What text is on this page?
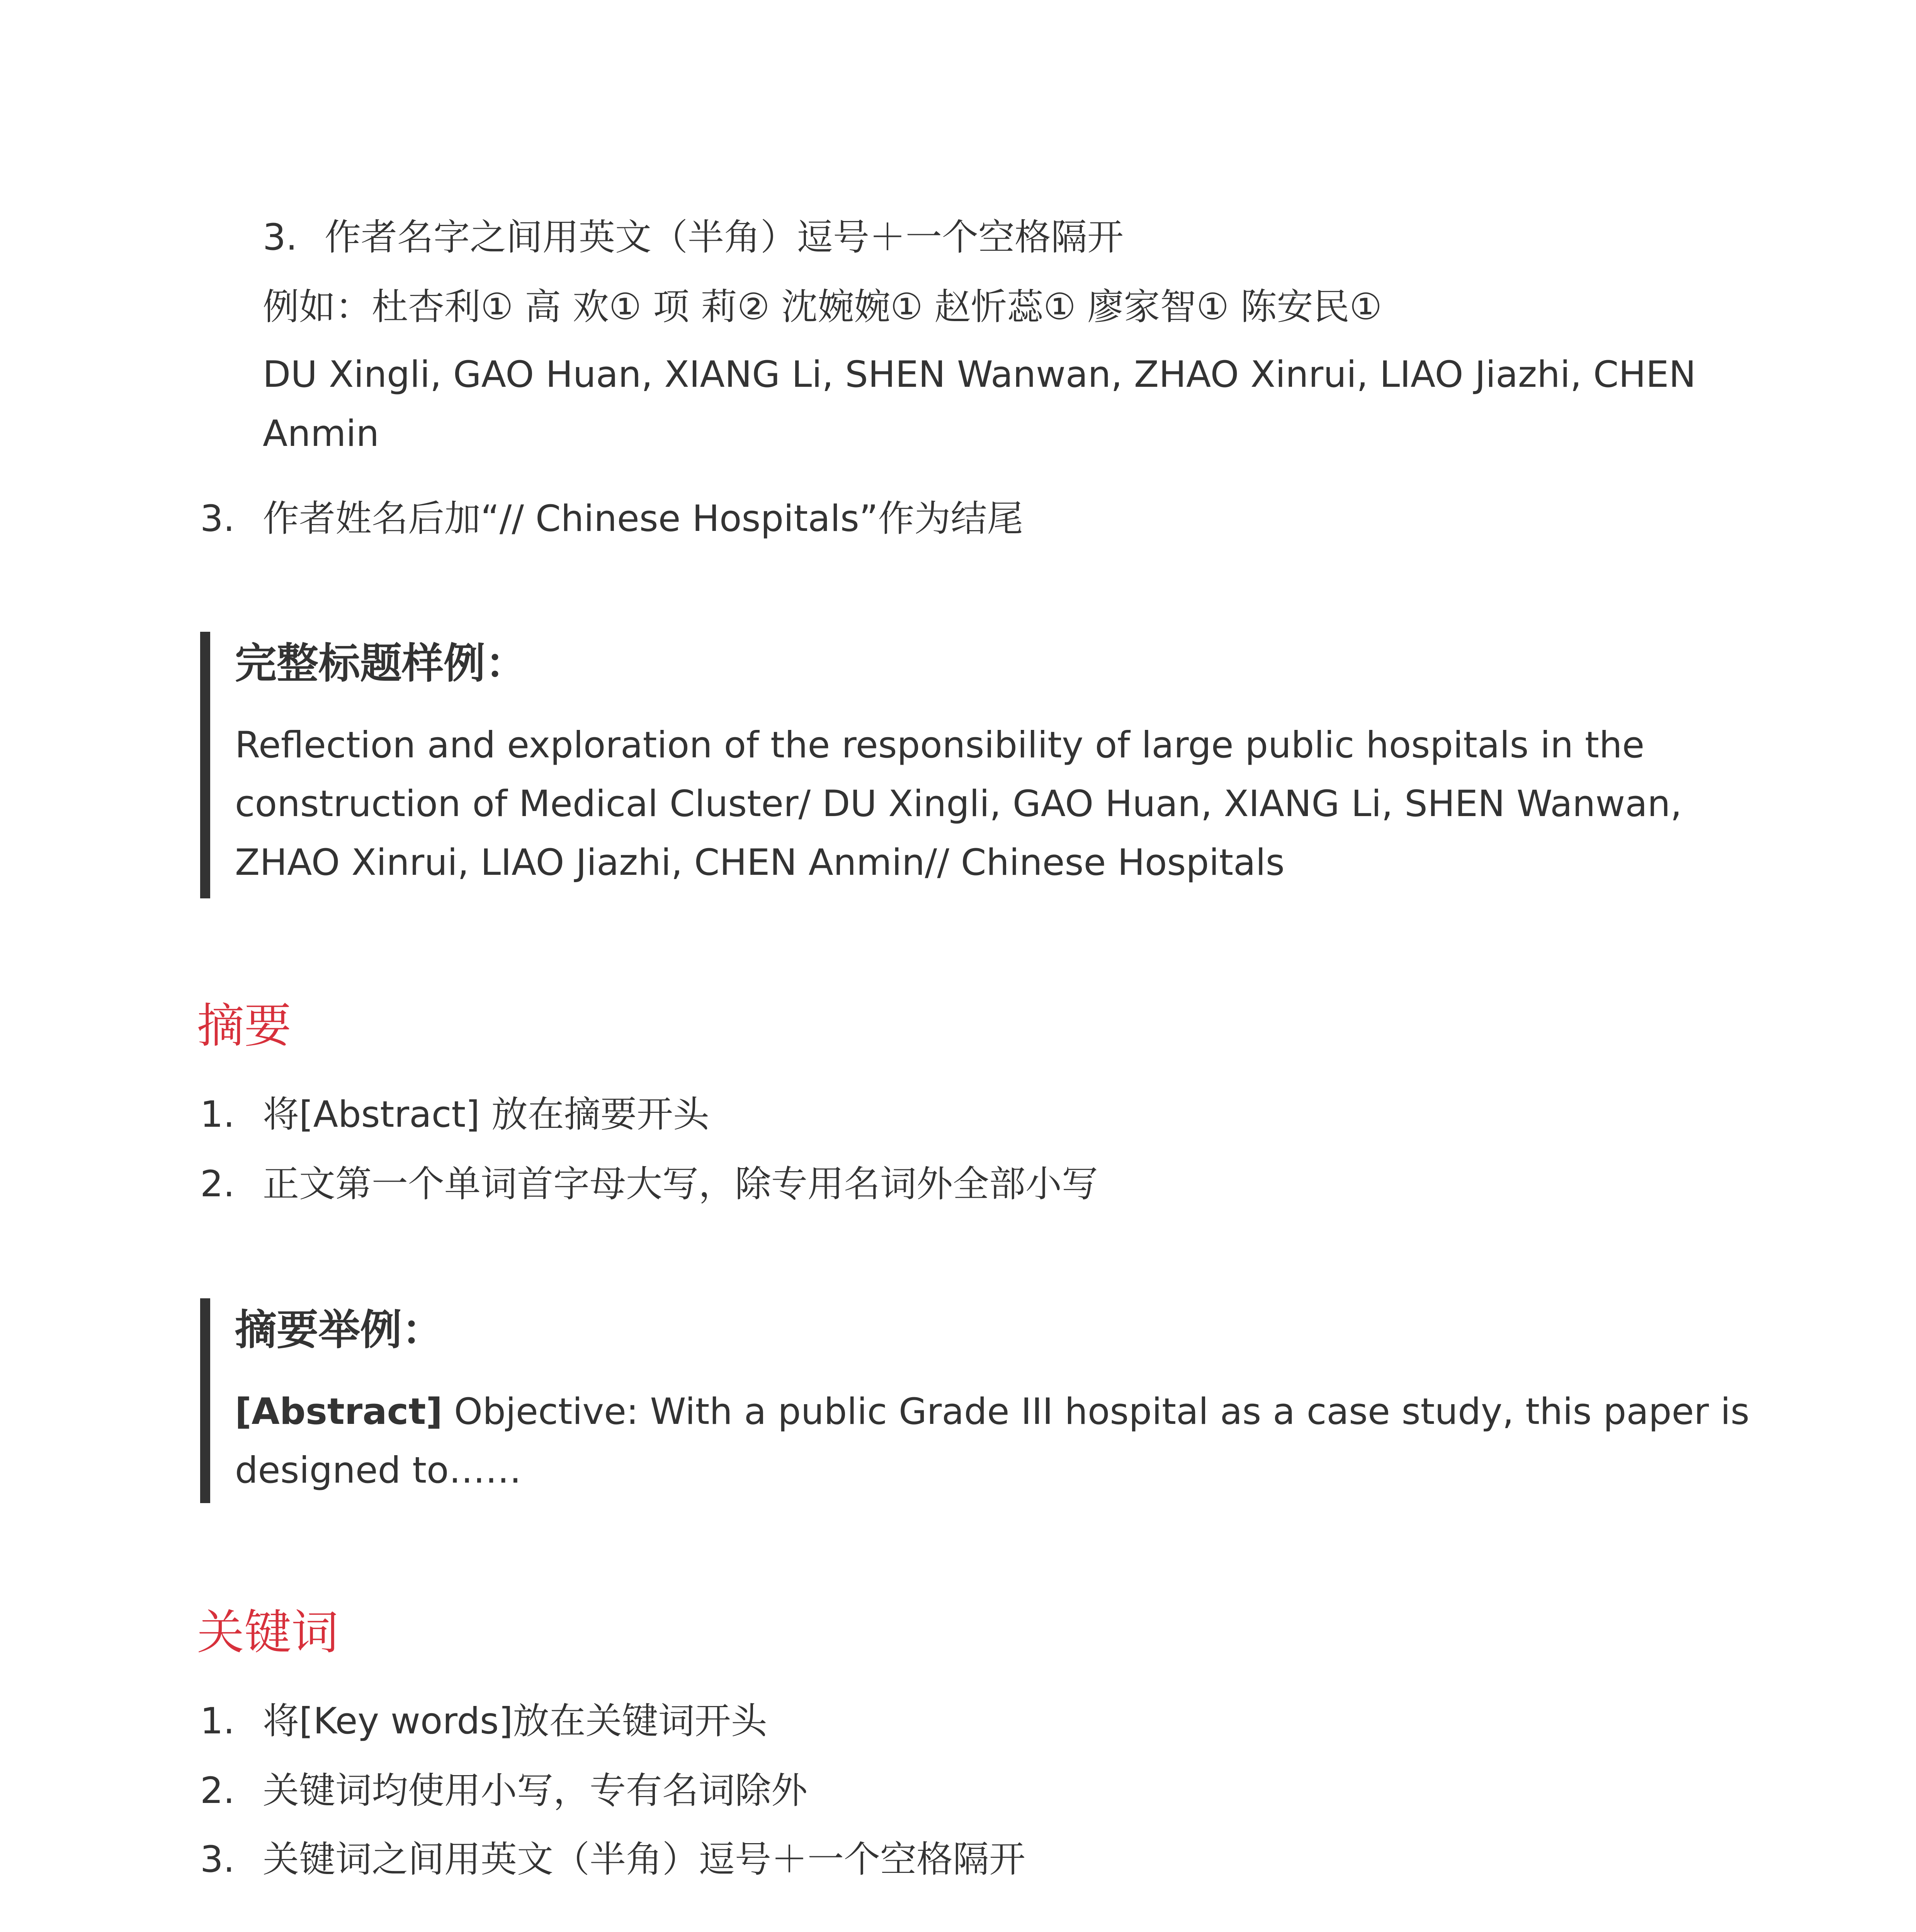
3. 作者名字之间用英文（半角）逗号＋一个空格隔开
例如：杜杏利① 高 欢① 项 莉② 沈婉婉① 赵忻蕊① 廖家智① 陈安民①
DU Xingli, GAO Huan, XIANG Li, SHEN Wanwan, ZHAO Xinrui, LIAO Jiazhi, CHEN
Anmin
3. 作者姓名后加“// Chinese Hospitals”作为结尾
完整标题样例：
Reflection and exploration of the responsibility of large public hospitals in the
construction of Medical Cluster/ DU Xingli, GAO Huan, XIANG Li, SHEN Wanwan,
ZHAO Xinrui, LIAO Jiazhi, CHEN Anmin// Chinese Hospitals
摘要
1. 将[Abstract] 放在摘要开头
2. 正文第一个单词首字母大写，除专用名词外全部小写
摘要举例：
[Abstract] Objective: With a public Grade III hospital as a case study, this paper is
designed to……
关键词
1. 将[Key words]放在关键词开头
2. 关键词均使用小写，专有名词除外
3. 关键词之间用英文（半角）逗号＋一个空格隔开
